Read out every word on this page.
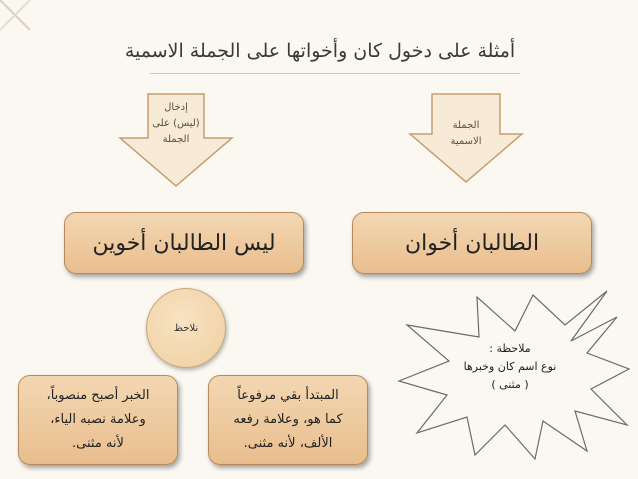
أمثلة على دخول كان وأخواتها على الجملة الاسمية
الجملة
الاسمية
إدخال
(ليس) على
الجملة
الطالبان أخوان
ليس الطالبان أخوين
نلاحظ
ملاحظة :
نوع اسم كان وخبرها
( مثنى )
المبتدأ بقي مرفوعاً
كما هو، وعلامة رفعه
الألف، لأنه مثنى.
الخبر أصبح منصوباً،
وعلامة نصبه الياء،
لأنه مثنى.
